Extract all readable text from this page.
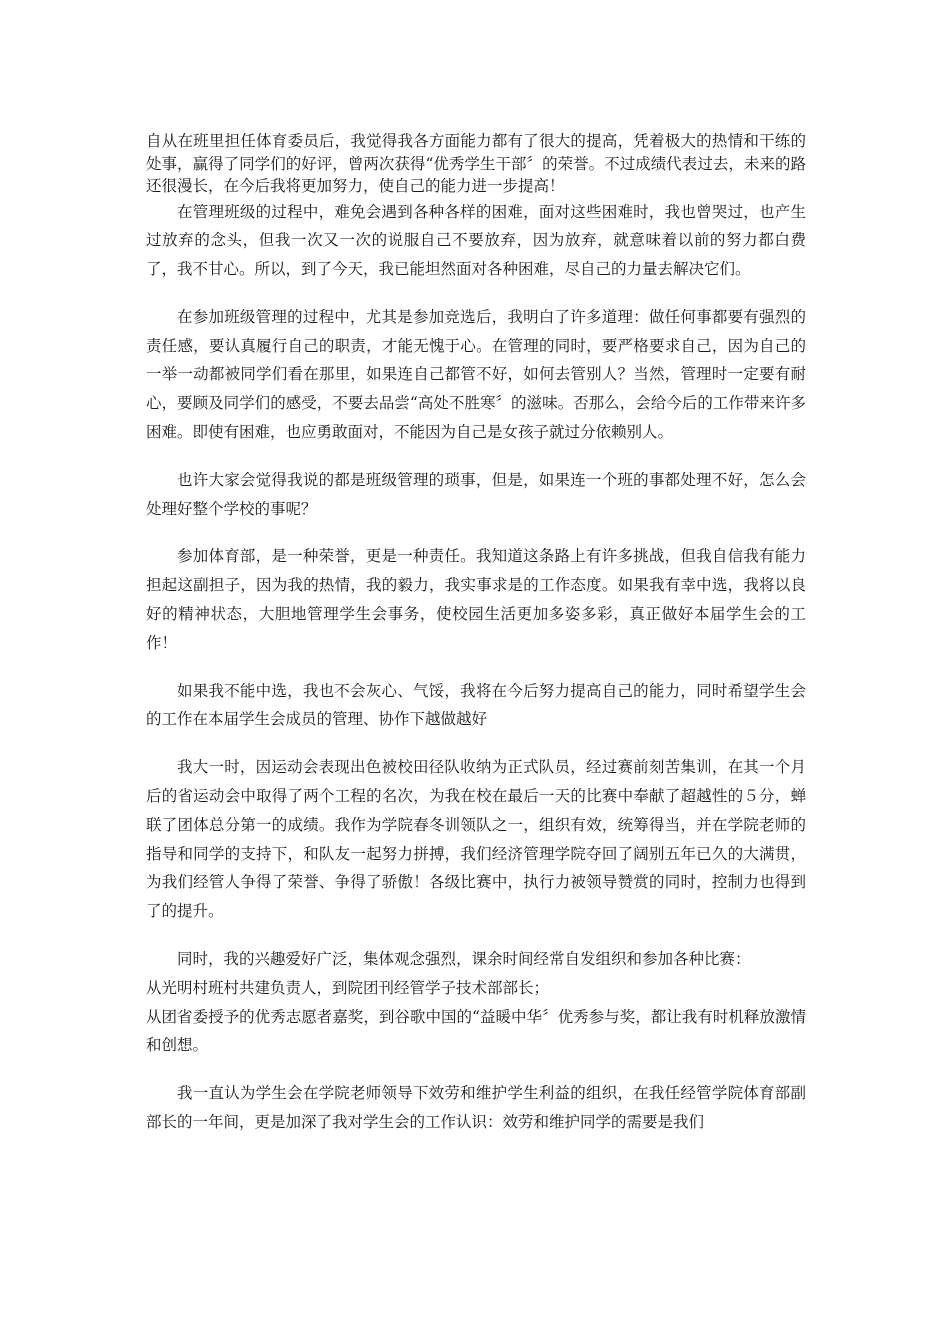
自从在班里担任体育委员后，我觉得我各方面能力都有了很大的提高，凭着极大的热情和干练的处事，赢得了同学们的好评，曾两次获得“优秀学生干部〞的荣誉。不过成绩代表过去，未来的路还很漫长，在今后我将更加努力，使自己的能力进一步提高！

在管理班级的过程中，难免会遇到各种各样的困难，面对这些困难时，我也曾哭过，也产生过放弃的念头，但我一次又一次的说服自己不要放弃，因为放弃，就意味着以前的努力都白费了，我不甘心。所以，到了今天，我已能坦然面对各种困难，尽自己的力量去解决它们。

在参加班级管理的过程中，尤其是参加竞选后，我明白了许多道理：做任何事都要有强烈的责任感，要认真履行自己的职责，才能无愧于心。在管理的同时，要严格要求自己，因为自己的一举一动都被同学们看在那里，如果连自己都管不好，如何去管别人？当然，管理时一定要有耐心，要顾及同学们的感受，不要去品尝“高处不胜寒〞的滋味。否那么，会给今后的工作带来许多困难。即使有困难，也应勇敢面对，不能因为自己是女孩子就过分依赖别人。

也许大家会觉得我说的都是班级管理的琐事，但是，如果连一个班的事都处理不好，怎么会处理好整个学校的事呢？

参加体育部，是一种荣誉，更是一种责任。我知道这条路上有许多挑战，但我自信我有能力担起这副担子，因为我的热情，我的毅力，我实事求是的工作态度。如果我有幸中选，我将以良好的精神状态，大胆地管理学生会事务，使校园生活更加多姿多彩，真正做好本届学生会的工作！

如果我不能中选，我也不会灰心、气馁，我将在今后努力提高自己的能力，同时希望学生会的工作在本届学生会成员的管理、协作下越做越好

我大一时，因运动会表现出色被校田径队收纳为正式队员，经过赛前刻苦集训，在其一个月后的省运动会中取得了两个工程的名次，为我在校在最后一天的比赛中奉献了超越性的５分，蝉联了团体总分第一的成绩。我作为学院春冬训领队之一，组织有效，统筹得当，并在学院老师的指导和同学的支持下，和队友一起努力拼搏，我们经济管理学院夺回了阔别五年已久的大满贯，为我们经管人争得了荣誉、争得了骄傲！各级比赛中，执行力被领导赞赏的同时，控制力也得到了的提升。

同时，我的兴趣爱好广泛，集体观念强烈，课余时间经常自发组织和参加各种比赛：
从光明村班村共建负责人，到院团刊经管学子技术部部长；
从团省委授予的优秀志愿者嘉奖，到谷歌中国的“益暖中华〞优秀参与奖，都让我有时机释放激情和创想。

我一直认为学生会在学院老师领导下效劳和维护学生利益的组织，在我任经管学院体育部副部长的一年间，更是加深了我对学生会的工作认识：效劳和维护同学的需要是我们
